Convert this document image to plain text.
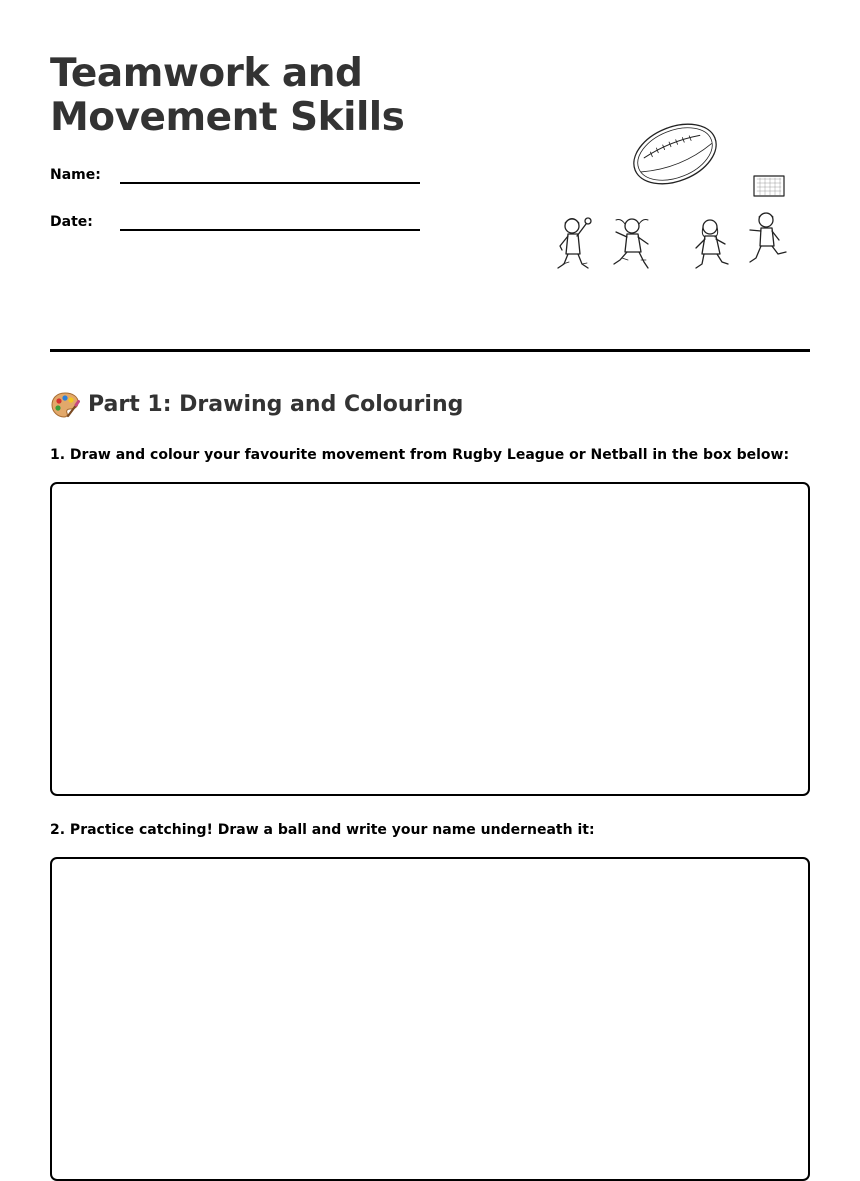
Teamwork and Movement Skills
Name:
Date:
Part 1: Drawing and Colouring

1. Draw and colour your favourite movement from Rugby League or Netball in the box below:

2. Practice catching! Draw a ball and write your name underneath it:
